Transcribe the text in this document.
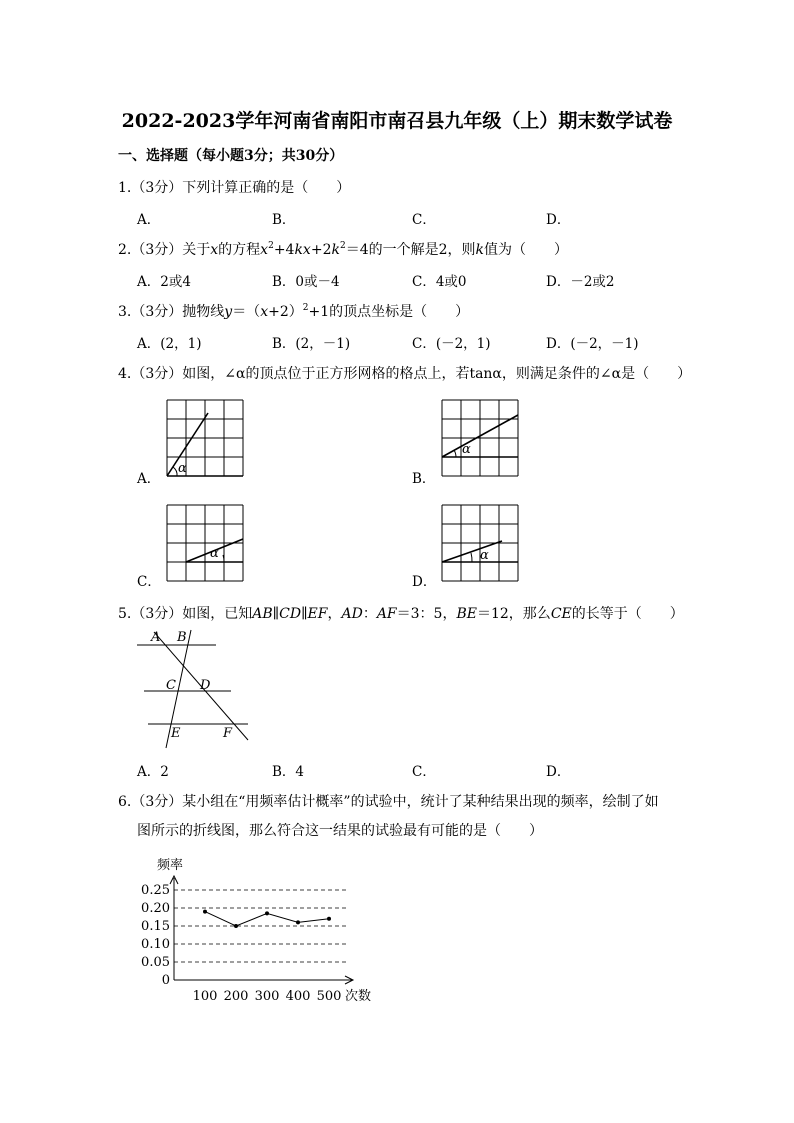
2022-2023学年河南省南阳市南召县九年级（上）期末数学试卷
一、选择题（每小题3分；共30分）
1.（3分）下列计算正确的是（　　）
A．	B．	C．	D．
2.（3分）关于x的方程$x^2+4kx+2k^2=4$的一个解是2，则k值为（　　）
A．2或4	B．0或－4	C．4或0	D．－2或2
3.（3分）抛物线$y=(x+2)^2+1$的顶点坐标是（　　）
A．(2，1)	B．(2，－1)	C．(－2，1)	D．(－2，－1)
4.（3分）如图，∠α的顶点位于正方形网格的格点上，若tanα，则满足条件的∠α是（　　）
A．
α
B．
α
C．
α
D．
α
5.（3分）如图，已知AB∥CD∥EF，AD：AF＝3：5，BE＝12，那么CE的长等于（　　）
A B
C D
E	F
A．2	B．4	C．	D．
6.（3分）某小组在“用频率估计概率”的试验中，统计了某种结果出现的频率，绘制了如
图所示的折线图，那么符合这一结果的试验最有可能的是（　　）
频率
次数
0
0.05
0.10
0.15
0.20
0.25
100 200 300 400 500
